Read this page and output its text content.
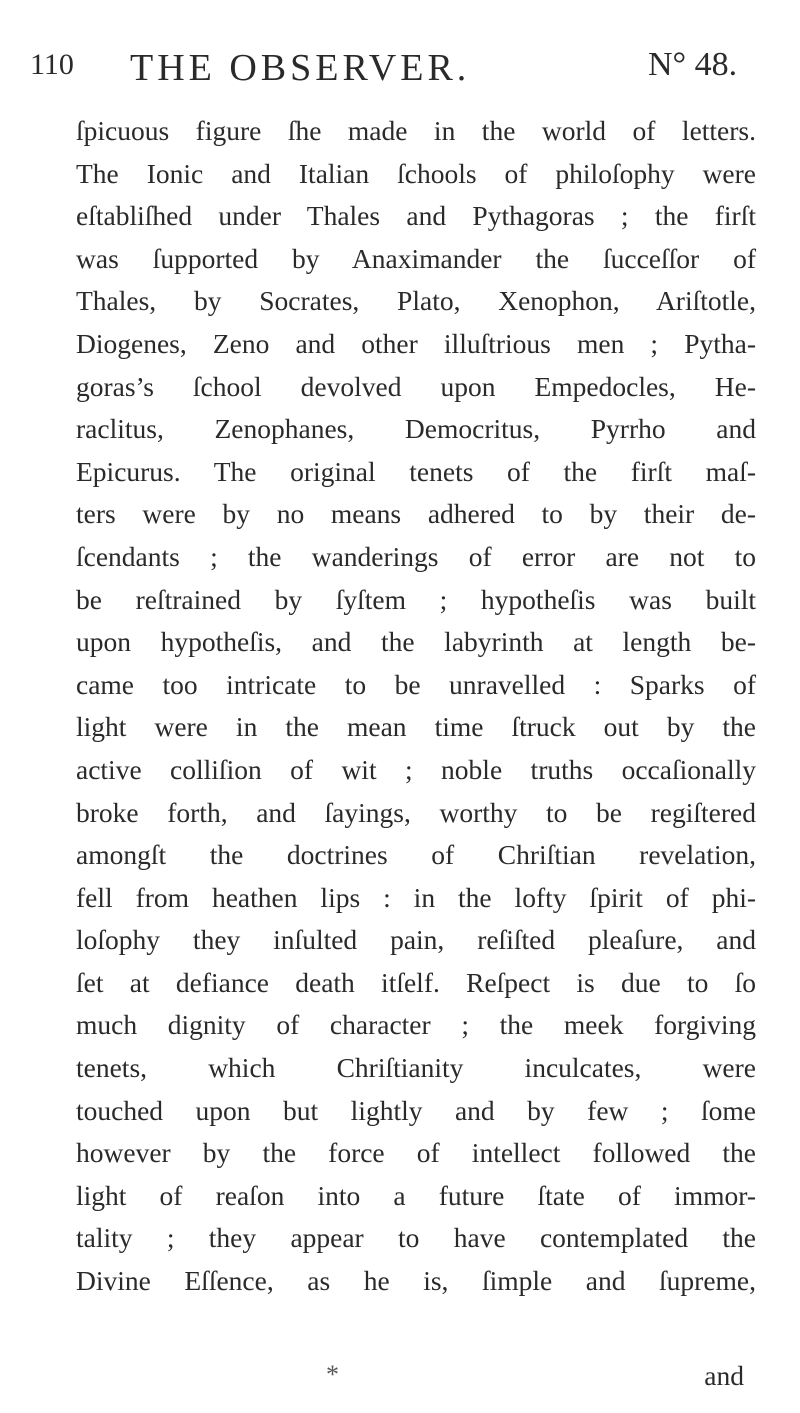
110 THE OBSERVER.	N° 48.
ſpicuous figure ſhe made in the world of letters.
The Ionic and Italian ſchools of philoſophy were
eſtabliſhed under Thales and Pythagoras ; the firſt
was ſupported by Anaximander the ſucceſſor of
Thales, by Socrates, Plato, Xenophon, Ariſtotle,
Diogenes, Zeno and other illuſtrious men ; Pytha-
goras’s ſchool devolved upon Empedocles, He-
raclitus, Zenophanes, Democritus, Pyrrho and
Epicurus. The original tenets of the firſt maſ-
ters were by no means adhered to by their de-
ſcendants ; the wanderings of error are not to
be reſtrained by ſyſtem ; hypotheſis was built
upon hypotheſis, and the labyrinth at length be-
came too intricate to be unravelled : Sparks of
light were in the mean time ſtruck out by the
active colliſion of wit ; noble truths occaſionally
broke forth, and ſayings, worthy to be regiſtered
amongſt the doctrines of Chriſtian revelation,
fell from heathen lips : in the lofty ſpirit of phi-
loſophy they inſulted pain, reſiſted pleaſure, and
ſet at defiance death itſelf. Reſpect is due to ſo
much dignity of character ; the meek forgiving
tenets, which Chriſtianity inculcates, were
touched upon but lightly and by few ; ſome
however by the force of intellect followed the
light of reaſon into a future ſtate of immor-
tality ; they appear to have contemplated the
Divine Eſſence, as he is, ſimple and ſupreme,
*	and
